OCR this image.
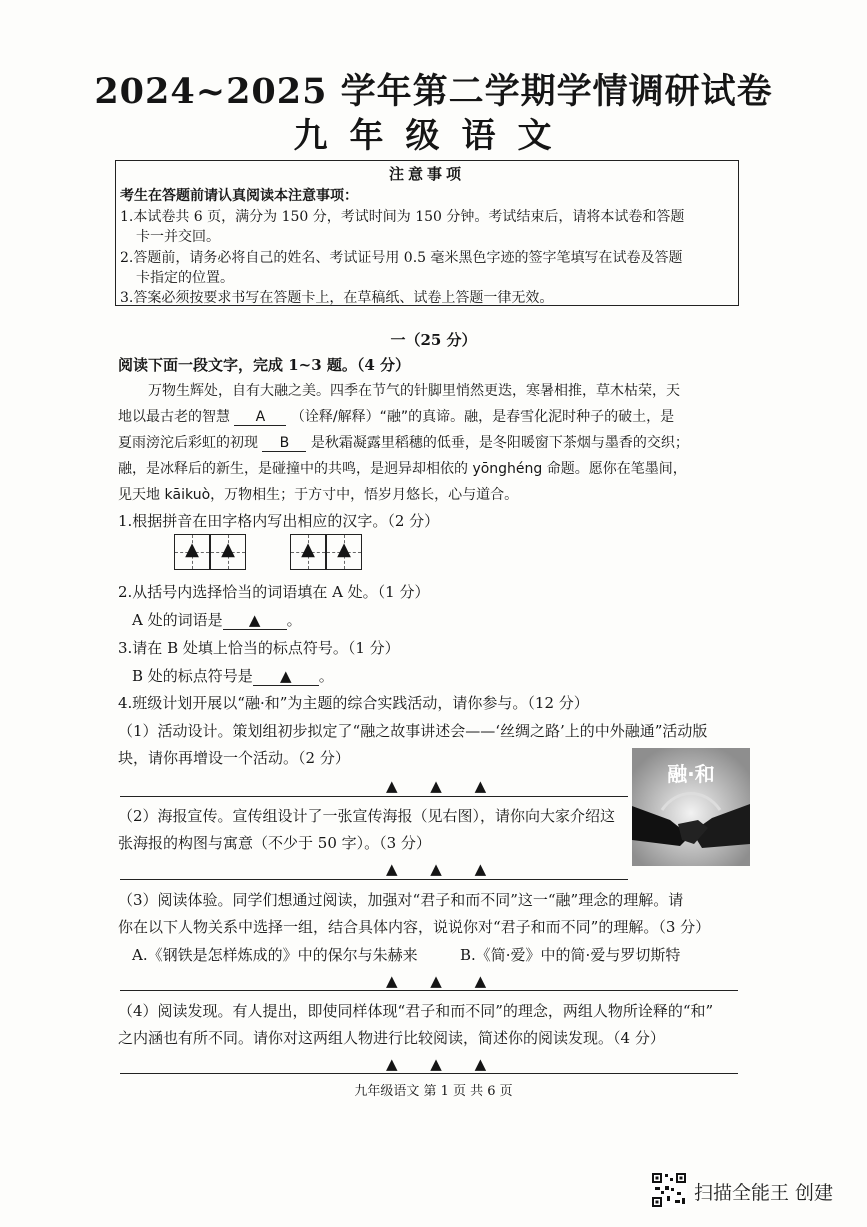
2024~2025 学年第二学期学情调研试卷
九年级语文
注意事项
考生在答题前请认真阅读本注意事项：
1.本试卷共 6 页，满分为 150 分，考试时间为 150 分钟。考试结束后，请将本试卷和答题
卡一并交回。
2.答题前，请务必将自己的姓名、考试证号用 0.5 毫米黑色字迹的签字笔填写在试卷及答题
卡指定的位置。
3.答案必须按要求书写在答题卡上，在草稿纸、试卷上答题一律无效。
一（25 分）
阅读下面一段文字，完成 1~3 题。（4 分）
万物生辉处，自有大融之美。四季在节气的针脚里悄然更迭，寒暑相推，草木枯荣，天
地以最古老的智慧 A （诠释/解释）“融”的真谛。融，是春雪化泥时种子的破土，是
夏雨滂沱后彩虹的初现 B 是秋霜凝露里稻穗的低垂，是冬阳暖窗下茶烟与墨香的交织；
融，是冰释后的新生，是碰撞中的共鸣，是迥异却相依的 yōnghéng 命题。愿你在笔墨间，
见天地 kāikuò，万物相生；于方寸中，悟岁月悠长，心与道合。
1.根据拼音在田字格内写出相应的汉字。（2 分）
▲	▲	▲	▲
2.从括号内选择恰当的词语填在 A 处。（1 分）
A 处的词语是 ▲ 。
3.请在 B 处填上恰当的标点符号。（1 分）
B 处的标点符号是 ▲ 。
4.班级计划开展以“融·和”为主题的综合实践活动，请你参与。（12 分）
（1）活动设计。策划组初步拟定了“融之故事讲述会——‘丝绸之路’上的中外融通”活动版
块，请你再增设一个活动。（2 分）
▲ ▲ ▲
（2）海报宣传。宣传组设计了一张宣传海报（见右图），请你向大家介绍这
张海报的构图与寓意（不少于 50 字）。（3 分）
▲ ▲ ▲
融·和
（3）阅读体验。同学们想通过阅读，加强对“君子和而不同”这一“融”理念的理解。请
你在以下人物关系中选择一组，结合具体内容，说说你对“君子和而不同”的理解。（3 分）
A.《钢铁是怎样炼成的》中的保尔与朱赫来	B.《简·爱》中的简·爱与罗切斯特
▲ ▲ ▲
（4）阅读发现。有人提出，即使同样体现“君子和而不同”的理念，两组人物所诠释的“和”
之内涵也有所不同。请你对这两组人物进行比较阅读，简述你的阅读发现。（4 分）
▲ ▲ ▲
九年级语文 第 1 页 共 6 页
扫描全能王 创建
